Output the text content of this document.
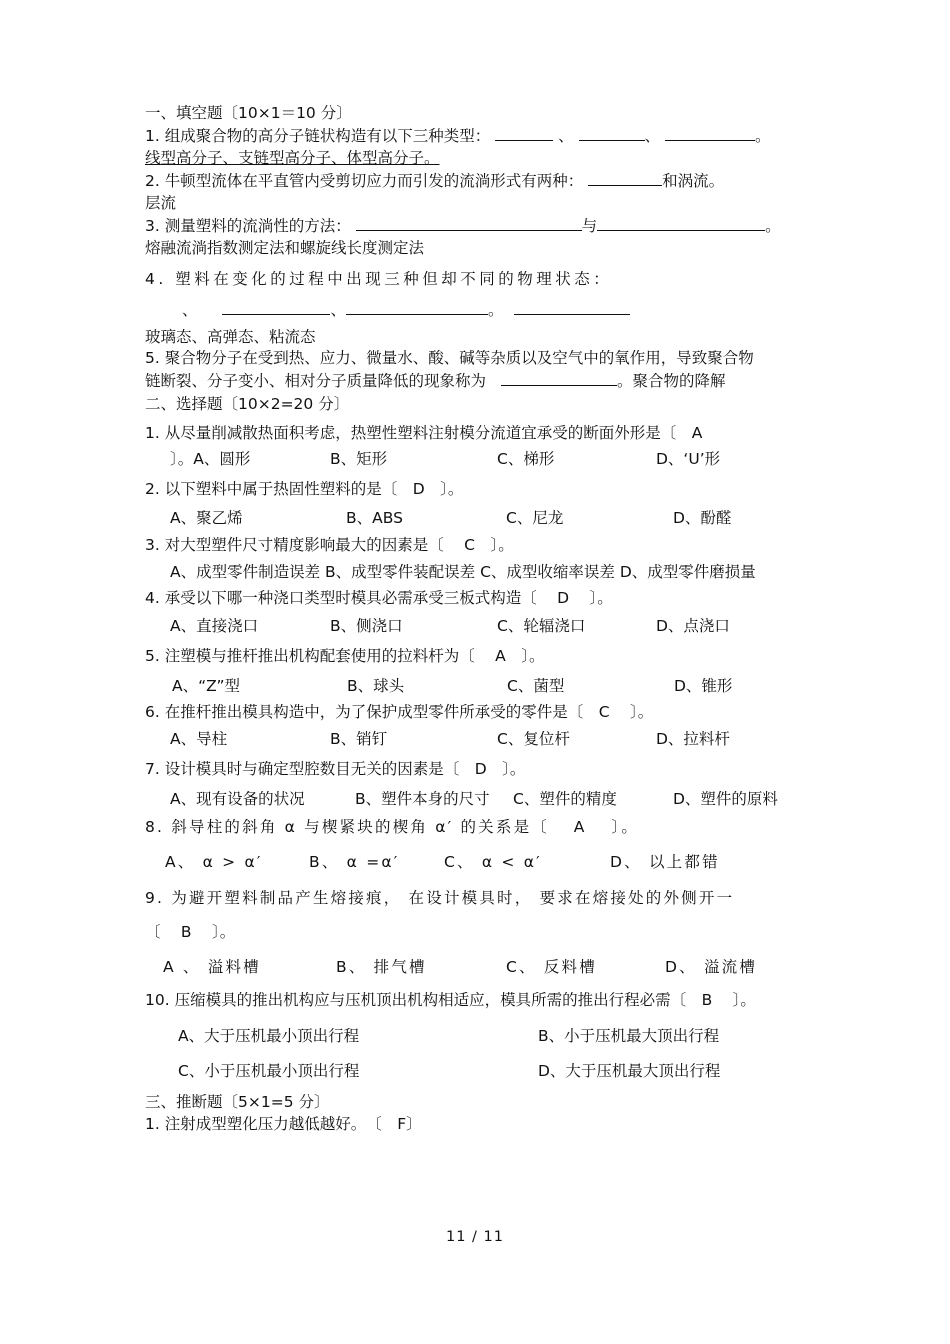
一、填空题〔10×1＝10 分〕
1. 组成聚合物的高分子链状构造有以下三种类型：	、	、	。
线型高分子、支链型高分子、体型高分子。
2. 牛顿型流体在平直管内受剪切应力而引发的流淌形式有两种：	和涡流。
层流
3. 测量塑料的流淌性的方法：	与	。
熔融流淌指数测定法和螺旋线长度测定法
4. 塑料在变化的过程中出现三种但却不同的物理状态：
、	、	。
玻璃态、高弹态、粘流态
5. 聚合物分子在受到热、应力、微量水、酸、碱等杂质以及空气中的氧作用，导致聚合物
链断裂、分子变小、相对分子质量降低的现象称为	。聚合物的降解
二、选择题〔10×2=20 分〕
1. 从尽量削减散热面积考虑，热塑性塑料注射模分流道宜承受的断面外形是〔　A
〕。A、圆形	B、矩形	C、梯形	D、‘U’形
2. 以下塑料中属于热固性塑料的是〔　D　〕。
A、聚乙烯	B、ABS	C、尼龙	D、酚醛
3. 对大型塑件尺寸精度影响最大的因素是〔　 C　〕。
A、成型零件制造误差 B、成型零件装配误差 C、成型收缩率误差 D、成型零件磨损量
4. 承受以下哪一种浇口类型时模具必需承受三板式构造〔　 D　 〕。
A、直接浇口	B、侧浇口	C、轮辐浇口	D、点浇口
5. 注塑模与推杆推出机构配套使用的拉料杆为〔　 A　〕。
A、“Z”型	B、球头	C、菌型	D、锥形
6. 在推杆推出模具构造中，为了保护成型零件所承受的零件是〔　C　 〕。
A、导柱	B、销钉	C、复位杆	D、拉料杆
7. 设计模具时与确定型腔数目无关的因素是〔　D　〕。
A、现有设备的状况	B、塑件本身的尺寸 C、塑件的精度	D、塑件的原料
8. 斜导柱的斜角 α 与楔紧块的楔角 α′ 的关系是〔　 A　 〕。
A、 α > α′	B、 α =α′	C、 α < α′	D、 以上都错
9. 为避开塑料制品产生熔接痕， 在设计模具时， 要求在熔接处的外侧开一
〔　 B　 〕。
A 、 溢料槽	B、 排气槽	C、 反料槽	D、 溢流槽
10. 压缩模具的推出机构应与压机顶出机构相适应，模具所需的推出行程必需〔　B　 〕。
A、大于压机最小顶出行程	B、小于压机最大顶出行程
C、小于压机最小顶出行程	D、大于压机最大顶出行程
三、推断题〔5×1=5 分〕
1. 注射成型塑化压力越低越好。　〔　F〕
11 / 11
